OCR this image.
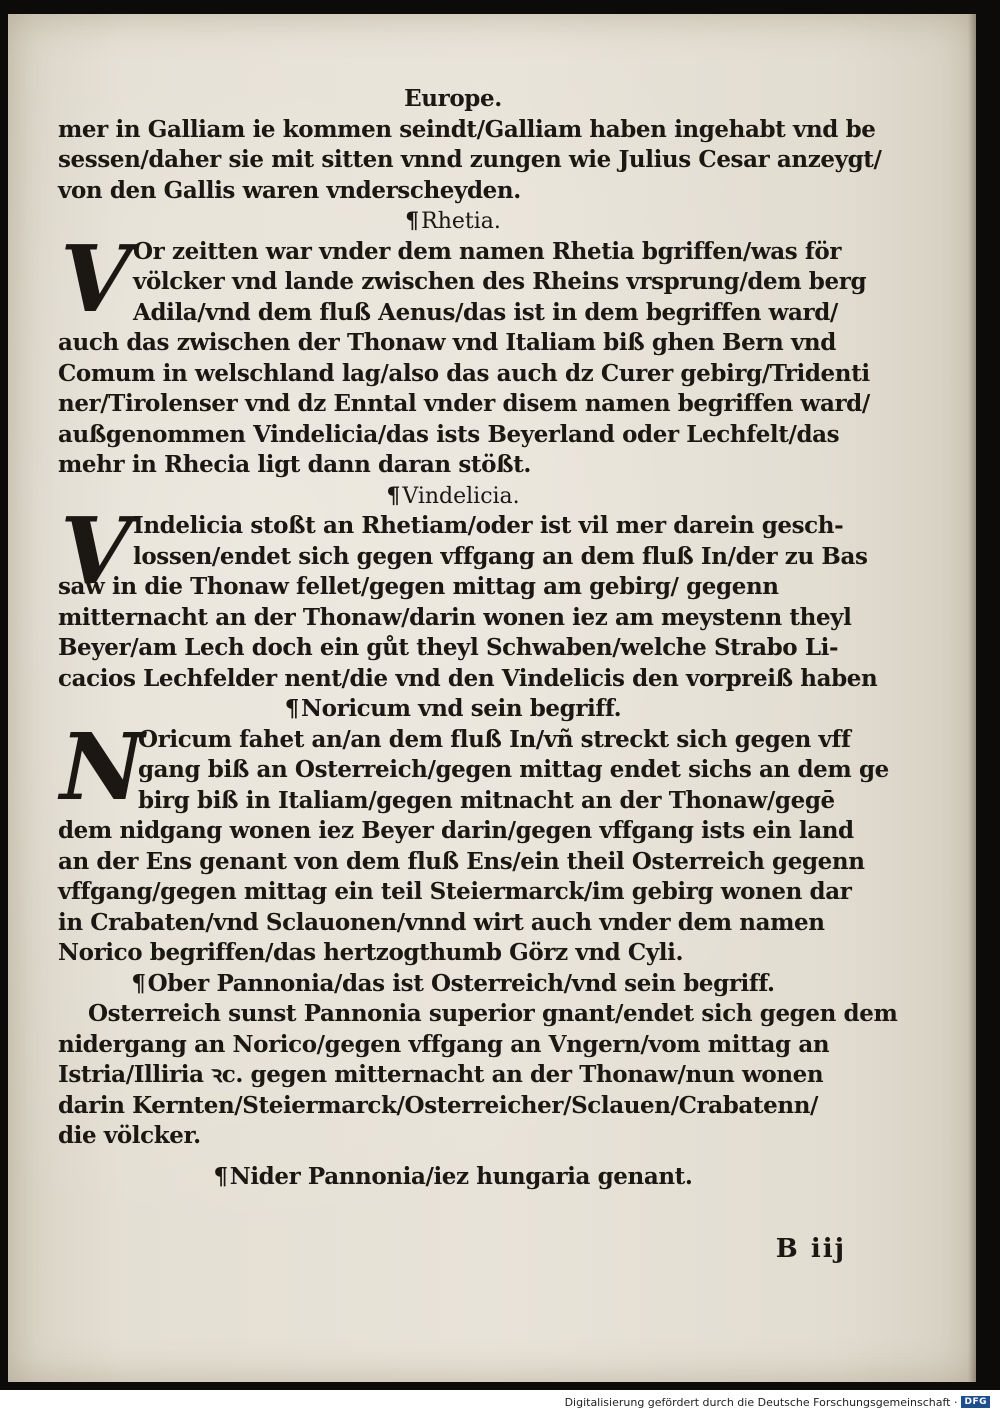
Europe.
mer in Galliam ie kommen seindt/Galliam haben ingehabt vnd be
sessen/daher sie mit sitten vnnd zungen wie Julius Cesar anzeygt/
von den Gallis waren vnderscheyden.
¶Rhetia.
V Or zeitten war vnder dem namen Rhetia bgriffen/was för
völcker vnd lande zwischen des Rheins vrsprung/dem berg
Adila/vnd dem fluß Aenus/das ist in dem begriffen ward/
auch das zwischen der Thonaw vnd Italiam biß ghen Bern vnd
Comum in welschland lag/also das auch dz Curer gebirg/Tridenti
ner/Tirolenser vnd dz Enntal vnder disem namen begriffen ward/
außgenommen Vindelicia/das ists Beyerland oder Lechfelt/das
mehr in Rhecia ligt dann daran stößt.
¶Vindelicia.
V Indelicia stoßt an Rhetiam/oder ist vil mer darein gesch-
lossen/endet sich gegen vffgang an dem fluß In/der zu Bas
saw in die Thonaw fellet/gegen mittag am gebirg/ gegenn
mitternacht an der Thonaw/darin wonen iez am meystenn theyl
Beyer/am Lech doch ein gůt theyl Schwaben/welche Strabo Li-
cacios Lechfelder nent/die vnd den Vindelicis den vorpreiß haben
¶Noricum vnd sein begriff.
N
Oricum fahet an/an dem fluß In/vñ streckt sich gegen vff
gang biß an Osterreich/gegen mittag endet sichs an dem ge
birg biß in Italiam/gegen mitnacht an der Thonaw/gegē
dem nidgang wonen iez Beyer darin/gegen vffgang ists ein land
an der Ens genant von dem fluß Ens/ein theil Osterreich gegenn
vffgang/gegen mittag ein teil Steiermarck/im gebirg wonen dar
in Crabaten/vnd Sclauonen/vnnd wirt auch vnder dem namen
Norico begriffen/das hertzogthumb Görz vnd Cyli.
¶Ober Pannonia/das ist Osterreich/vnd sein begriff.
Osterreich sunst Pannonia superior gnant/endet sich gegen dem
nidergang an Norico/gegen vffgang an Vngern/vom mittag an
Istria/Illiria ꝛc. gegen mitternacht an der Thonaw/nun wonen
darin Kernten/Steiermarck/Osterreicher/Sclauen/Crabatenn/
die völcker.
¶Nider Pannonia/iez hungaria genant.
B iij
Digitalisierung gefördert durch die Deutsche Forschungsgemeinschaft · DFG
